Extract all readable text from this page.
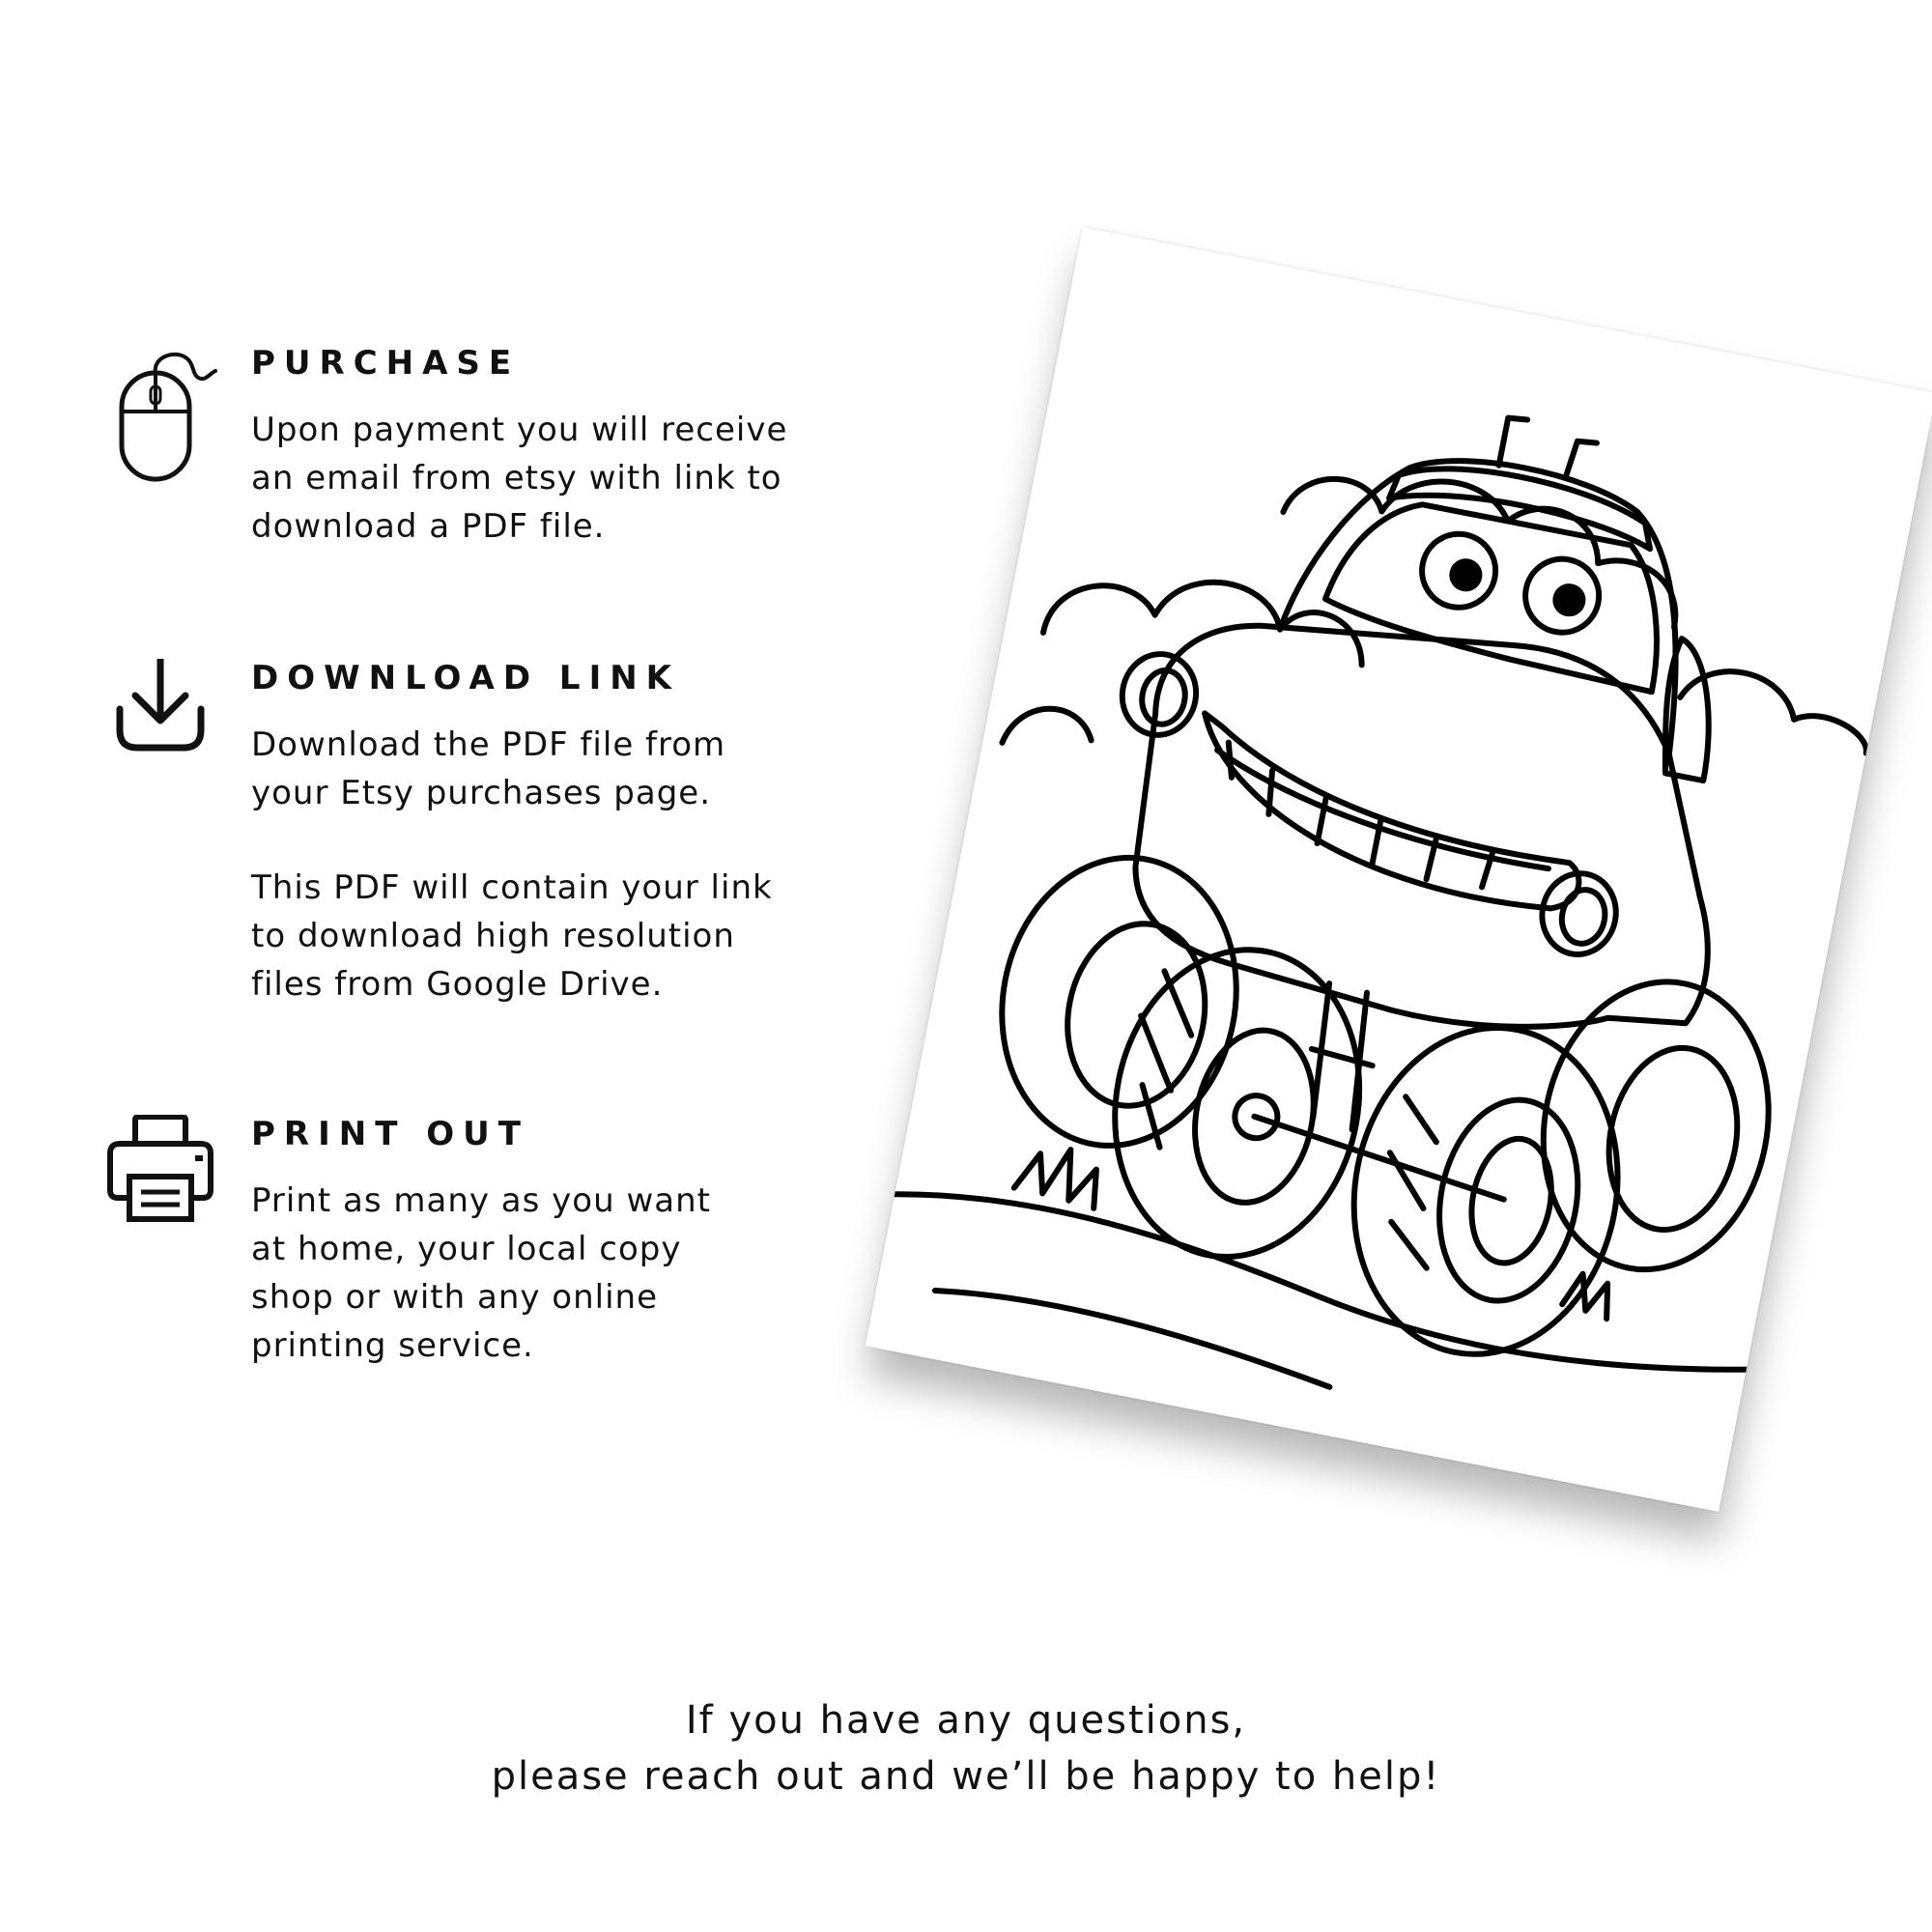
PURCHASE

Upon payment you will receive
an email from etsy with link to
download a PDF file.

DOWNLOAD LINK

Download the PDF file from
your Etsy purchases page.

This PDF will contain your link
to download high resolution
files from Google Drive.

PRINT OUT

Print as many as you want
at home, your local copy
shop or with any online
printing service.

If you have any questions,

please reach out and we’ll be happy to help!
